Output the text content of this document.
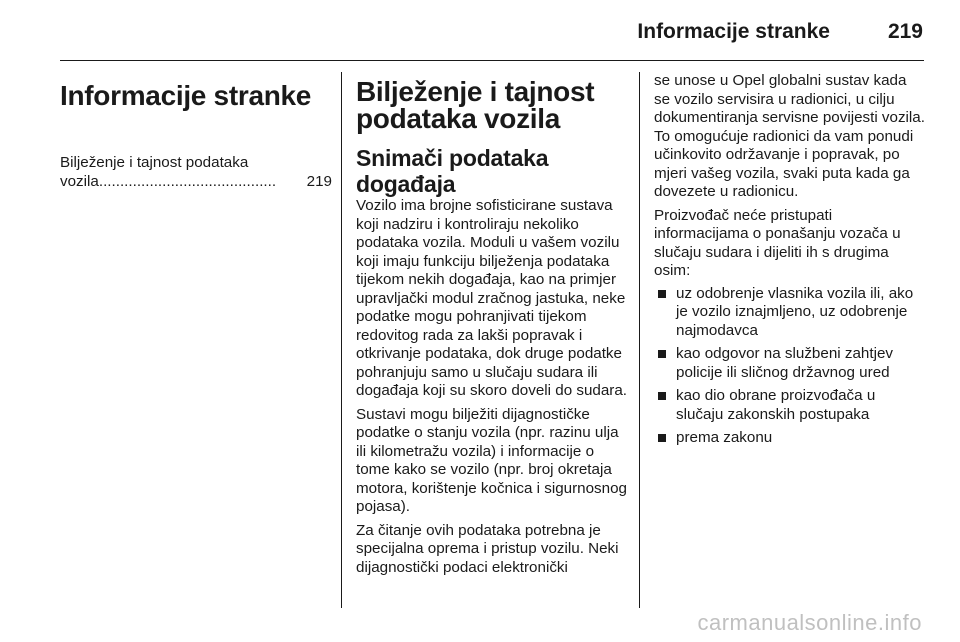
Informacije stranke	219
Informacije stranke
Bilježenje i tajnost podataka
vozila ..........................................	219
Bilježenje i tajnost podataka vozila
Snimači podataka događaja

Vozilo ima brojne sofisticirane sustava koji nadziru i kontroliraju nekoliko podataka vozila. Moduli u vašem vozilu koji imaju funkciju bilježenja podataka tijekom nekih događaja, kao na primjer upravljački modul zračnog jastuka, neke podatke mogu pohranjivati tijekom redovitog rada za lakši popravak i otkrivanje podataka, dok druge podatke pohranjuju samo u slučaju sudara ili događaja koji su skoro doveli do sudara.

Sustavi mogu bilježiti dijagnostičke podatke o stanju vozila (npr. razinu ulja ili kilometražu vozila) i informacije o tome kako se vozilo (npr. broj okretaja motora, korištenje kočnica i sigurnosnog pojasa).

Za čitanje ovih podataka potrebna je specijalna oprema i pristup vozilu. Neki dijagnostički podaci elektronički

se unose u Opel globalni sustav kada se vozilo servisira u radionici, u cilju dokumentiranja servisne povijesti vozila. To omogućuje radionici da vam ponudi učinkovito održavanje i popravak, po mjeri vašeg vozila, svaki puta kada ga dovezete u radionicu.

Proizvođač neće pristupati informacijama o ponašanju vozača u slučaju sudara i dijeliti ih s drugima osim:

uz odobrenje vlasnika vozila ili, ako je vozilo iznajmljeno, uz odobrenje najmodavca
kao odgovor na službeni zahtjev policije ili sličnog državnog ured
kao dio obrane proizvođača u slučaju zakonskih postupaka
prema zakonu
carmanualsonline.info
